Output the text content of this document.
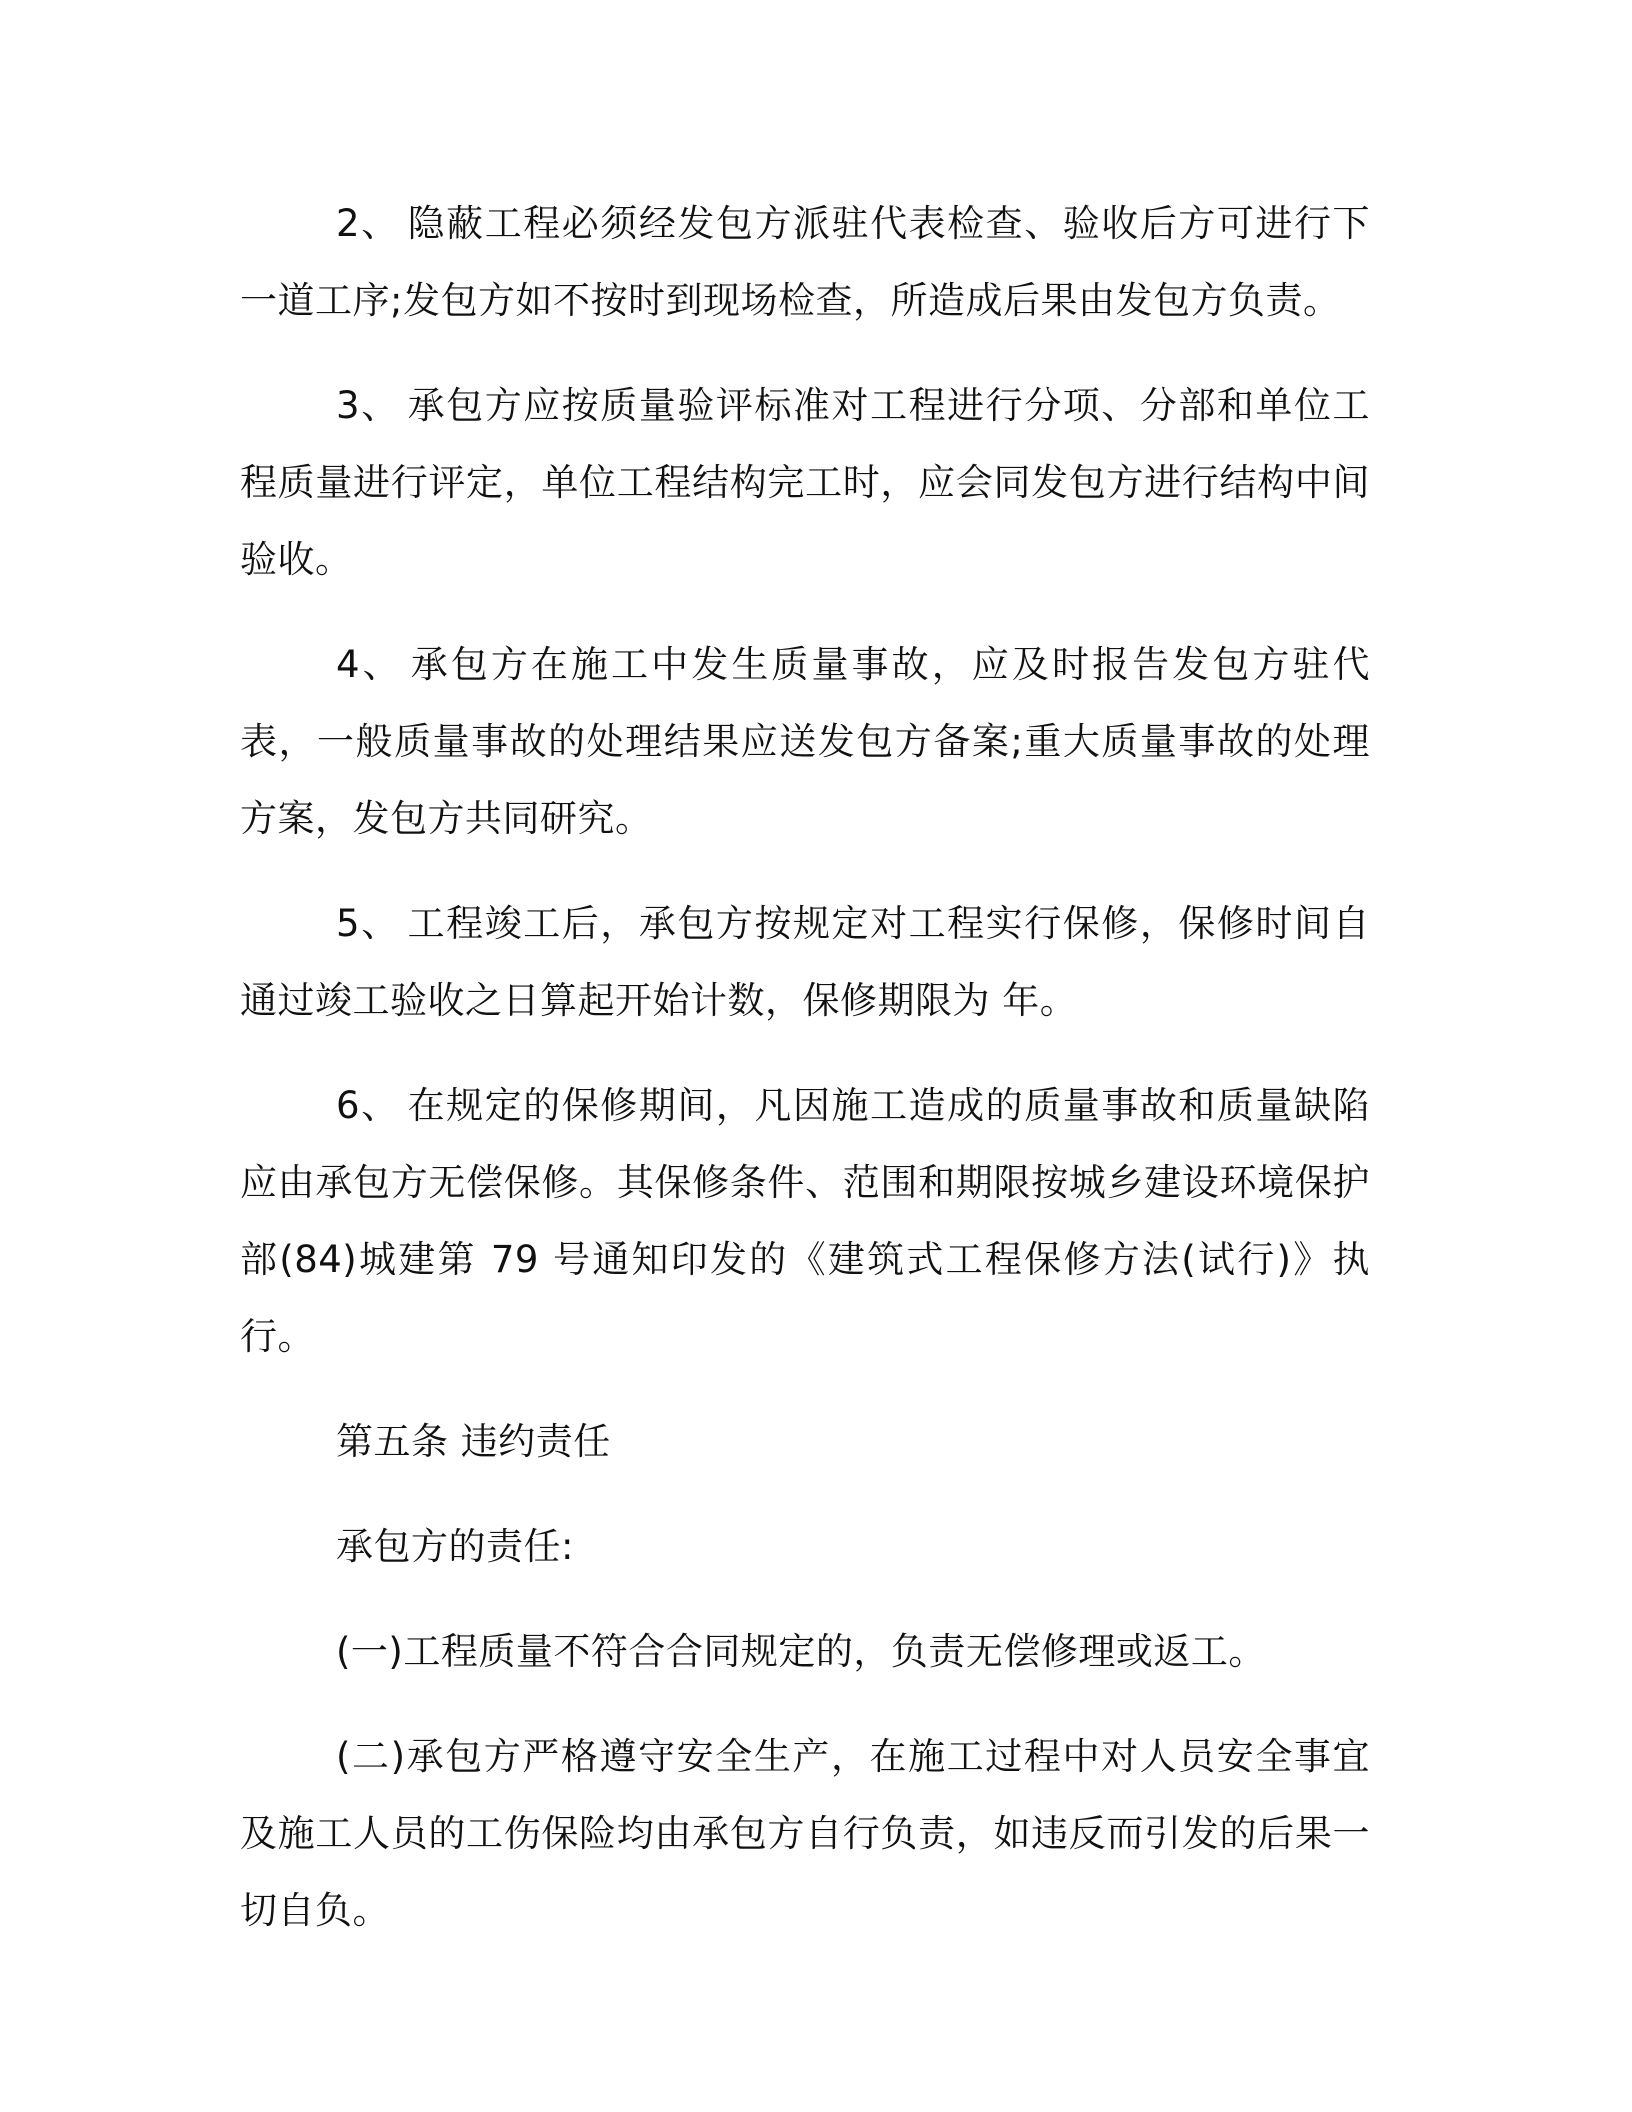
2、 隐蔽工程必须经发包方派驻代表检查、验收后方可进行下一道工序;发包方如不按时到现场检查，所造成后果由发包方负责。

3、 承包方应按质量验评标准对工程进行分项、分部和单位工程质量进行评定，单位工程结构完工时，应会同发包方进行结构中间验收。

4、 承包方在施工中发生质量事故，应及时报告发包方驻代表，一般质量事故的处理结果应送发包方备案;重大质量事故的处理方案，发包方共同研究。

5、 工程竣工后，承包方按规定对工程实行保修，保修时间自通过竣工验收之日算起开始计数，保修期限为 年。

6、 在规定的保修期间，凡因施工造成的质量事故和质量缺陷应由承包方无偿保修。其保修条件、范围和期限按城乡建设环境保护部(84)城建第 79 号通知印发的《建筑式工程保修方法(试行)》执行。

第五条 违约责任

承包方的责任:

(一)工程质量不符合合同规定的，负责无偿修理或返工。

(二)承包方严格遵守安全生产，在施工过程中对人员安全事宜及施工人员的工伤保险均由承包方自行负责，如违反而引发的后果一切自负。
